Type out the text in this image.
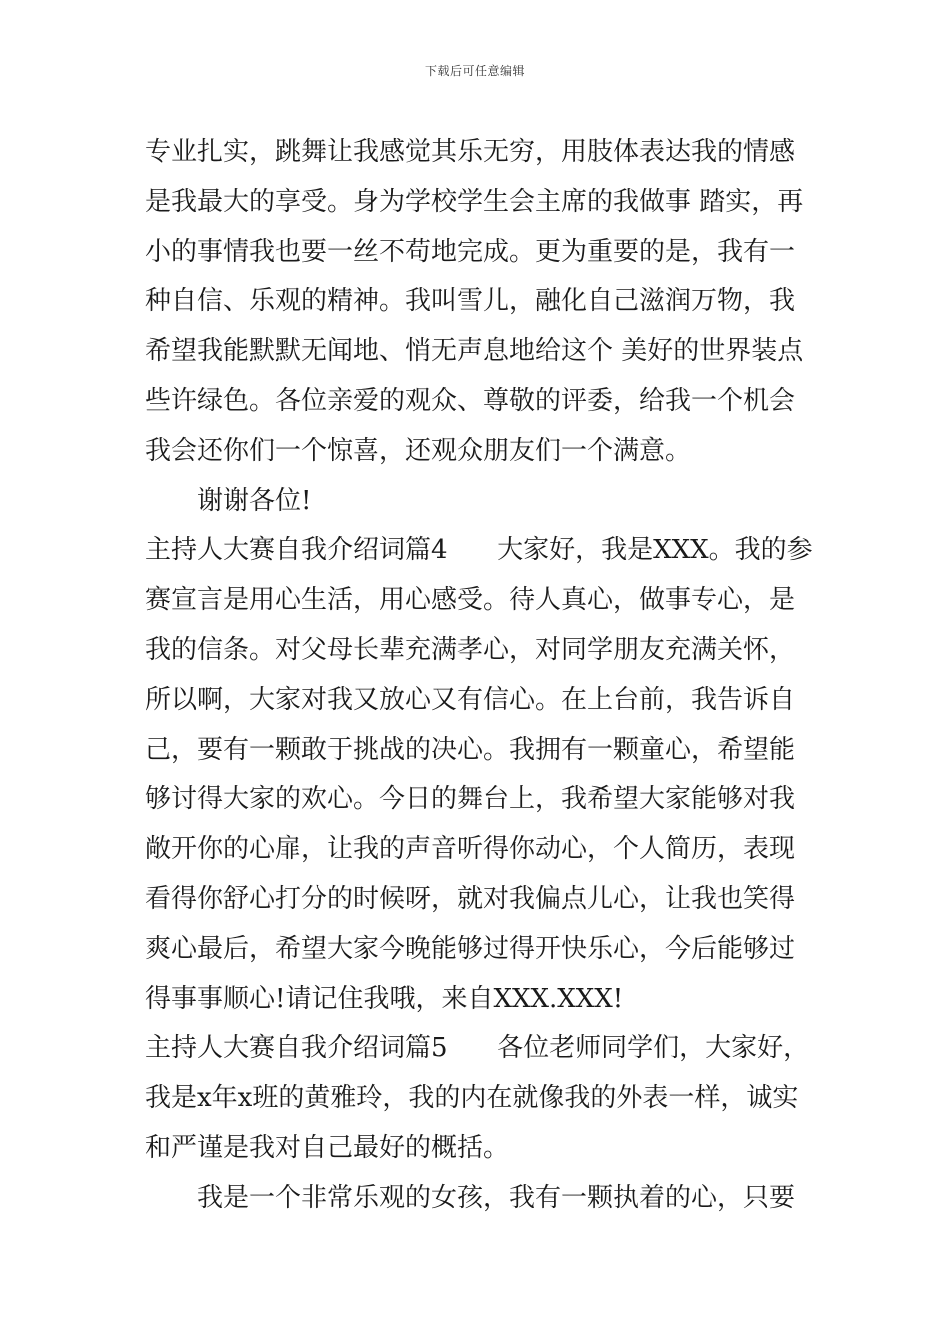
下载后可任意编辑
专业扎实，跳舞让我感觉其乐无穷，用肢体表达我的情感
是我最大的享受。身为学校学生会主席的我做事 踏实，再
小的事情我也要一丝不苟地完成。更为重要的是，我有一
种自信、乐观的精神。我叫雪儿，融化自己滋润万物，我
希望我能默默无闻地、悄无声息地给这个 美好的世界装点
些许绿色。各位亲爱的观众、尊敬的评委，给我一个机会
我会还你们一个惊喜，还观众朋友们一个满意。
谢谢各位!
主持人大赛自我介绍词篇4      大家好，我是XXX。我的参
赛宣言是用心生活，用心感受。待人真心，做事专心，是
我的信条。对父母长辈充满孝心，对同学朋友充满关怀，
所以啊，大家对我又放心又有信心。在上台前，我告诉自
己，要有一颗敢于挑战的决心。我拥有一颗童心，希望能
够讨得大家的欢心。今日的舞台上，我希望大家能够对我
敞开你的心扉，让我的声音听得你动心，个人简历，表现
看得你舒心打分的时候呀，就对我偏点儿心，让我也笑得
爽心最后，希望大家今晚能够过得开快乐心，今后能够过
得事事顺心!请记住我哦，来自XXX.XXX!
主持人大赛自我介绍词篇5      各位老师同学们，大家好，
我是x年x班的黄雅玲，我的内在就像我的外表一样，诚实
和严谨是我对自己最好的概括。
我是一个非常乐观的女孩，我有一颗执着的心，只要
